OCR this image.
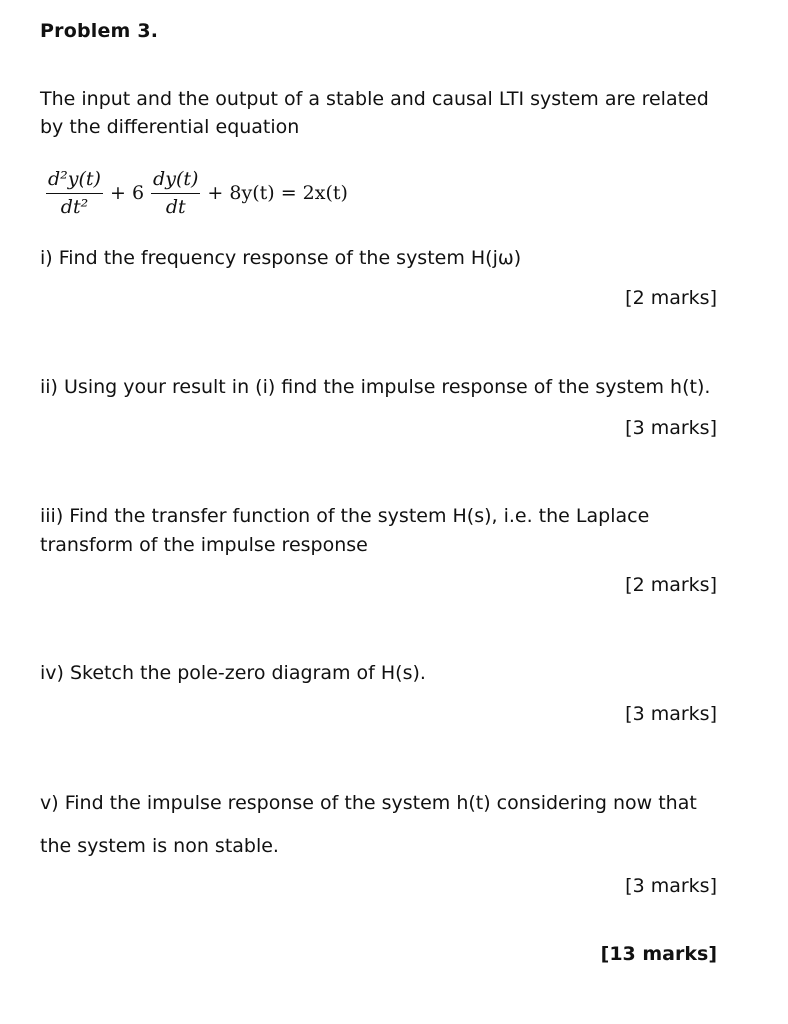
Problem 3.
The input and the output of a stable and causal LTI system are related
by the differential equation
$\frac{\text{d²y(t)}}{\text{dt²}} + 6 \frac{dy(t)}{dt} + 8y(t) = 2x(t)$
i) Find the frequency response of the system H(jω)
[2 marks]
ii) Using your result in (i) find the impulse response of the system h(t).
[3 marks]
iii) Find the transfer function of the system H(s), i.e. the Laplace
transform of the impulse response
[2 marks]
iv) Sketch the pole-zero diagram of H(s).
[3 marks]
v) Find the impulse response of the system h(t) considering now that
the system is non stable.
[3 marks]
[13 marks]
